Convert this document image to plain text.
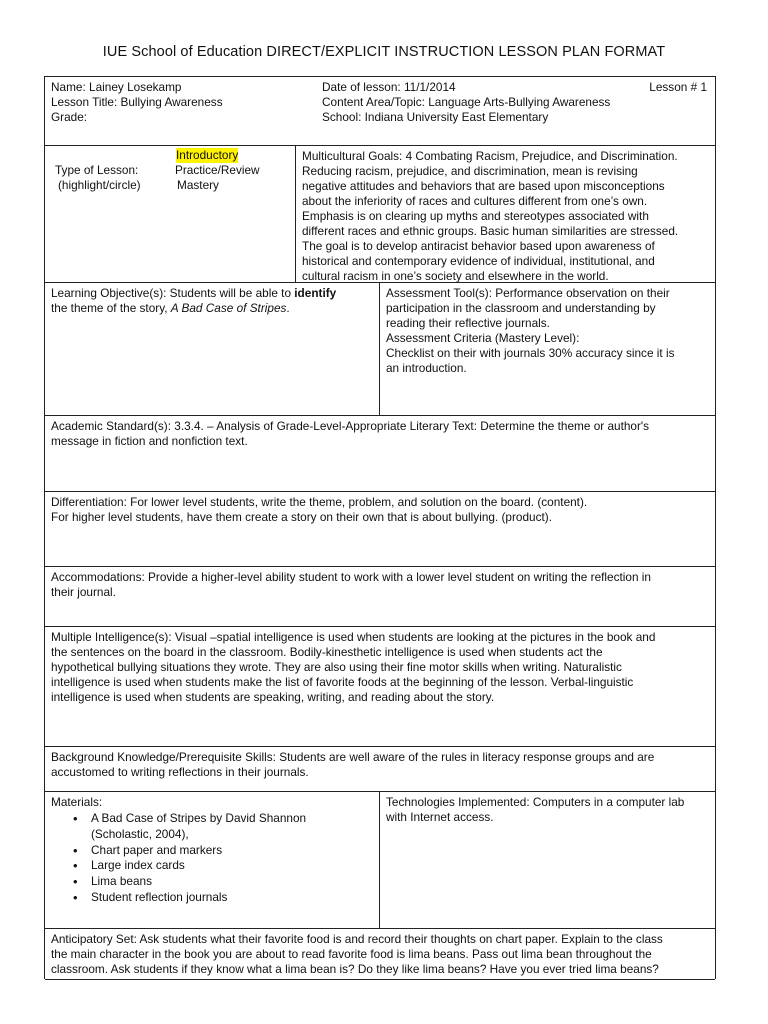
IUE School of Education DIRECT/EXPLICIT INSTRUCTION LESSON PLAN FORMAT
Name: Lainey Losekamp
Lesson Title: Bullying Awareness
Grade:
Date of lesson: 11/1/2014
Content Area/Topic: Language Arts-Bullying Awareness
School: Indiana University East Elementary
Lesson # 1
Introductory
Type of Lesson:	Practice/Review
(highlight/circle)	Mastery
Multicultural Goals: 4 Combating Racism, Prejudice, and Discrimination.
Reducing racism, prejudice, and discrimination, mean is revising
negative attitudes and behaviors that are based upon misconceptions
about the inferiority of races and cultures different from one’s own.
Emphasis is on clearing up myths and stereotypes associated with
different races and ethnic groups. Basic human similarities are stressed.
The goal is to develop antiracist behavior based upon awareness of
historical and contemporary evidence of individual, institutional, and
cultural racism in one’s society and elsewhere in the world.
Learning Objective(s): Students will be able to identify
the theme of the story, A Bad Case of Stripes.
Assessment Tool(s): Performance observation on their
participation in the classroom and understanding by
reading their reflective journals.
Assessment Criteria (Mastery Level):
Checklist on their with journals 30% accuracy since it is
an introduction.
Academic Standard(s): 3.3.4. – Analysis of Grade-Level-Appropriate Literary Text: Determine the theme or author's
message in fiction and nonfiction text.
Differentiation: For lower level students, write the theme, problem, and solution on the board. (content).
For higher level students, have them create a story on their own that is about bullying. (product).
Accommodations: Provide a higher-level ability student to work with a lower level student on writing the reflection in
their journal.
Multiple Intelligence(s): Visual –spatial intelligence is used when students are looking at the pictures in the book and
the sentences on the board in the classroom. Bodily-kinesthetic intelligence is used when students act the
hypothetical bullying situations they wrote. They are also using their fine motor skills when writing. Naturalistic
intelligence is used when students make the list of favorite foods at the beginning of the lesson. Verbal-linguistic
intelligence is used when students are speaking, writing, and reading about the story.
Background Knowledge/Prerequisite Skills: Students are well aware of the rules in literacy response groups and are
accustomed to writing reflections in their journals.
Materials:
• A Bad Case of Stripes by David Shannon
(Scholastic, 2004),
• Chart paper and markers
• Large index cards
• Lima beans
• Student reflection journals
Technologies Implemented: Computers in a computer lab
with Internet access.
Anticipatory Set: Ask students what their favorite food is and record their thoughts on chart paper. Explain to the class
the main character in the book you are about to read favorite food is lima beans. Pass out lima bean throughout the
classroom. Ask students if they know what a lima bean is? Do they like lima beans? Have you ever tried lima beans?
